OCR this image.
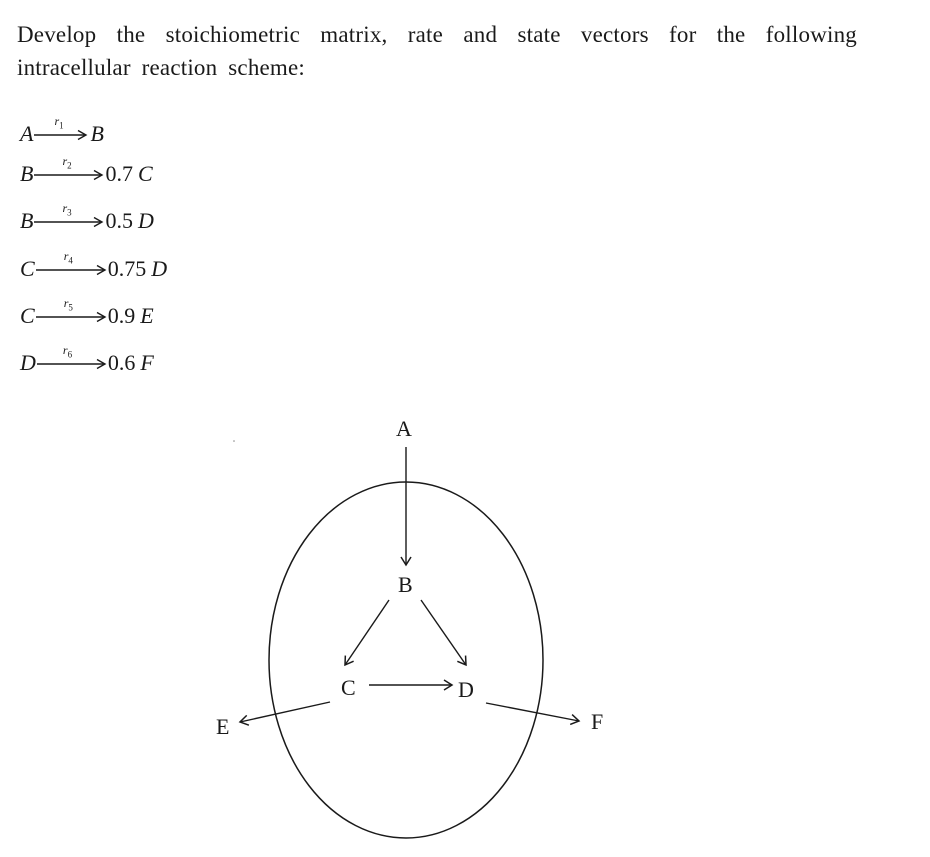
Develop the stoichiometric matrix, rate and state vectors for the following intracellular reaction scheme:
A $r_1$ B
B $r_2$ 0.7 C
B $r_3$ 0.5 D
C $r_4$ 0.75 D
C $r_5$ 0.9 E
D $r_6$ 0.6 F
A
B
C	D
E	F
